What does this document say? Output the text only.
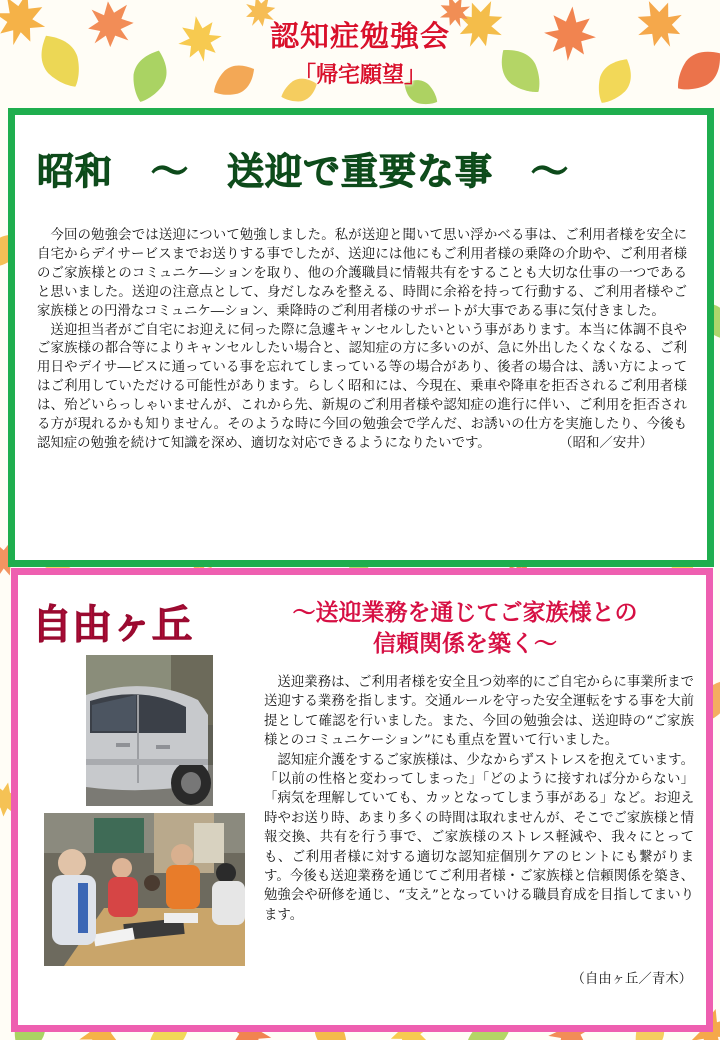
認知症勉強会
「帰宅願望」
昭和　～　送迎で重要な事　～

今回の勉強会では送迎について勉強しました。私が送迎と聞いて思い浮かべる事は、ご利用者様を安全に自宅からデイサービスまでお送りする事でしたが、送迎には他にもご利用者様の乗降の介助や、ご利用者様のご家族様とのコミュニケ―ションを取り、他の介護職員に情報共有をすることも大切な仕事の一つであると思いました。送迎の注意点として、身だしなみを整える、時間に余裕を持って行動する、ご利用者様やご家族様との円滑なコミュニケ―ション、乗降時のご利用者様のサポートが大事である事に気付きました。

送迎担当者がご自宅にお迎えに伺った際に急遽キャンセルしたいという事があります。本当に体調不良やご家族様の都合等によりキャンセルしたい場合と、認知症の方に多いのが、急に外出したくなくなる、ご利用日やデイサ―ビスに通っている事を忘れてしまっている等の場合があり、後者の場合は、誘い方によってはご利用していただける可能性があります。らしく昭和には、今現在、乗車や降車を拒否されるご利用者様は、殆どいらっしゃいませんが、これから先、新規のご利用者様や認知症の進行に伴い、ご利用を拒否される方が現れるかも知りません。そのような時に今回の勉強会で学んだ、お誘いの仕方を実施したり、今後も認知症の勉強を続けて知識を深め、適切な対応できるようになりたいです。	（昭和／安井）
自由ヶ丘	～送迎業務を通じてご家族様との
信頼関係を築く～

送迎業務は、ご利用者様を安全且つ効率的にご自宅からに事業所まで送迎する業務を指します。交通ルールを守った安全運転をする事を大前提として確認を行いました。また、今回の勉強会は、送迎時の“ご家族様とのコミュニケーション”にも重点を置いて行いました。

認知症介護をするご家族様は、少なからずストレスを抱えています。「以前の性格と変わってしまった」「どのように接すれば分からない」「病気を理解していても、カッとなってしまう事がある」など。お迎え時やお送り時、あまり多くの時間は取れませんが、そこでご家族様と情報交換、共有を行う事で、ご家族様のストレス軽減や、我々にとっても、ご利用者様に対する適切な認知症個別ケアのヒントにも繋がります。今後も送迎業務を通じてご利用者様・ご家族様と信頼関係を築き、勉強会や研修を通じ、“支え”となっていける職員育成を目指してまいります。

（自由ヶ丘／青木）
